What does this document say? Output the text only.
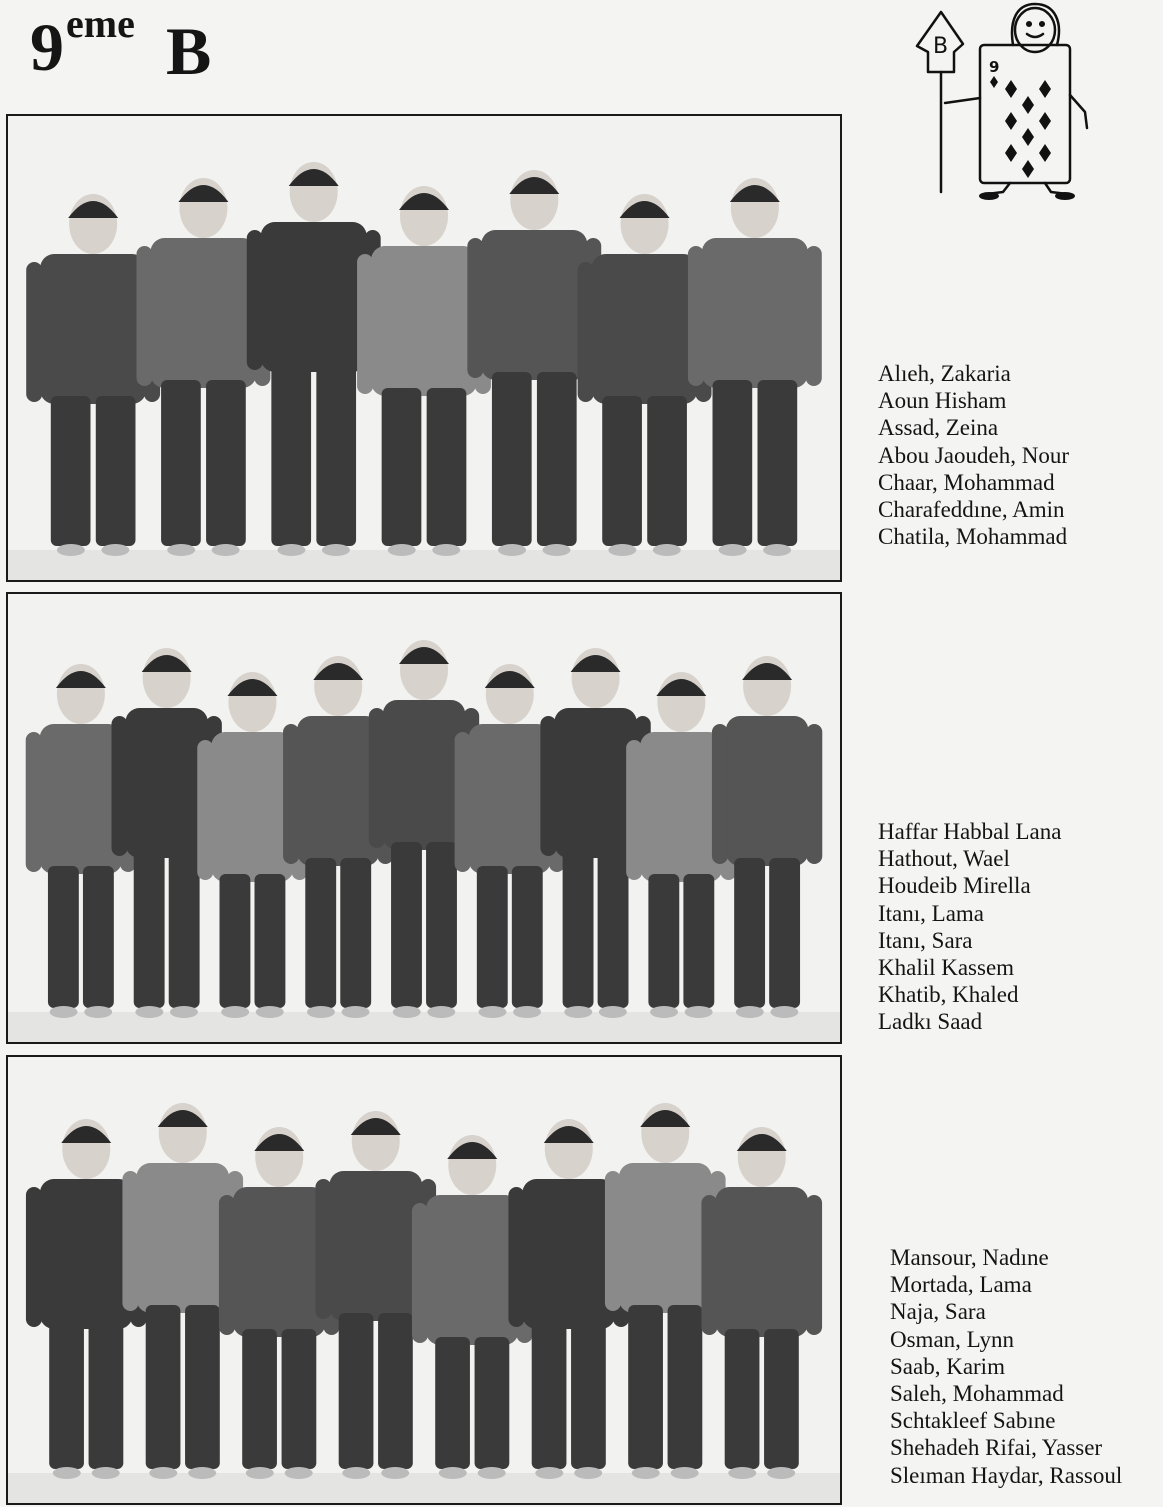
9 eme B	B
9
Alıeh, Zakaria
Aoun Hisham
Assad, Zeina
Abou Jaoudeh, Nour
Chaar, Mohammad
Charafeddıne, Amin
Chatila, Mohammad
Haffar Habbal Lana
Hathout, Wael
Houdeib Mirella
Itanı, Lama
Itanı, Sara
Khalil Kassem
Khatib, Khaled
Ladkı Saad
Mansour, Nadıne
Mortada, Lama
Naja, Sara
Osman, Lynn
Saab, Karim
Saleh, Mohammad
Schtakleef Sabıne
Shehadeh Rifai, Yasser
Sleıman Haydar, Rassoul
